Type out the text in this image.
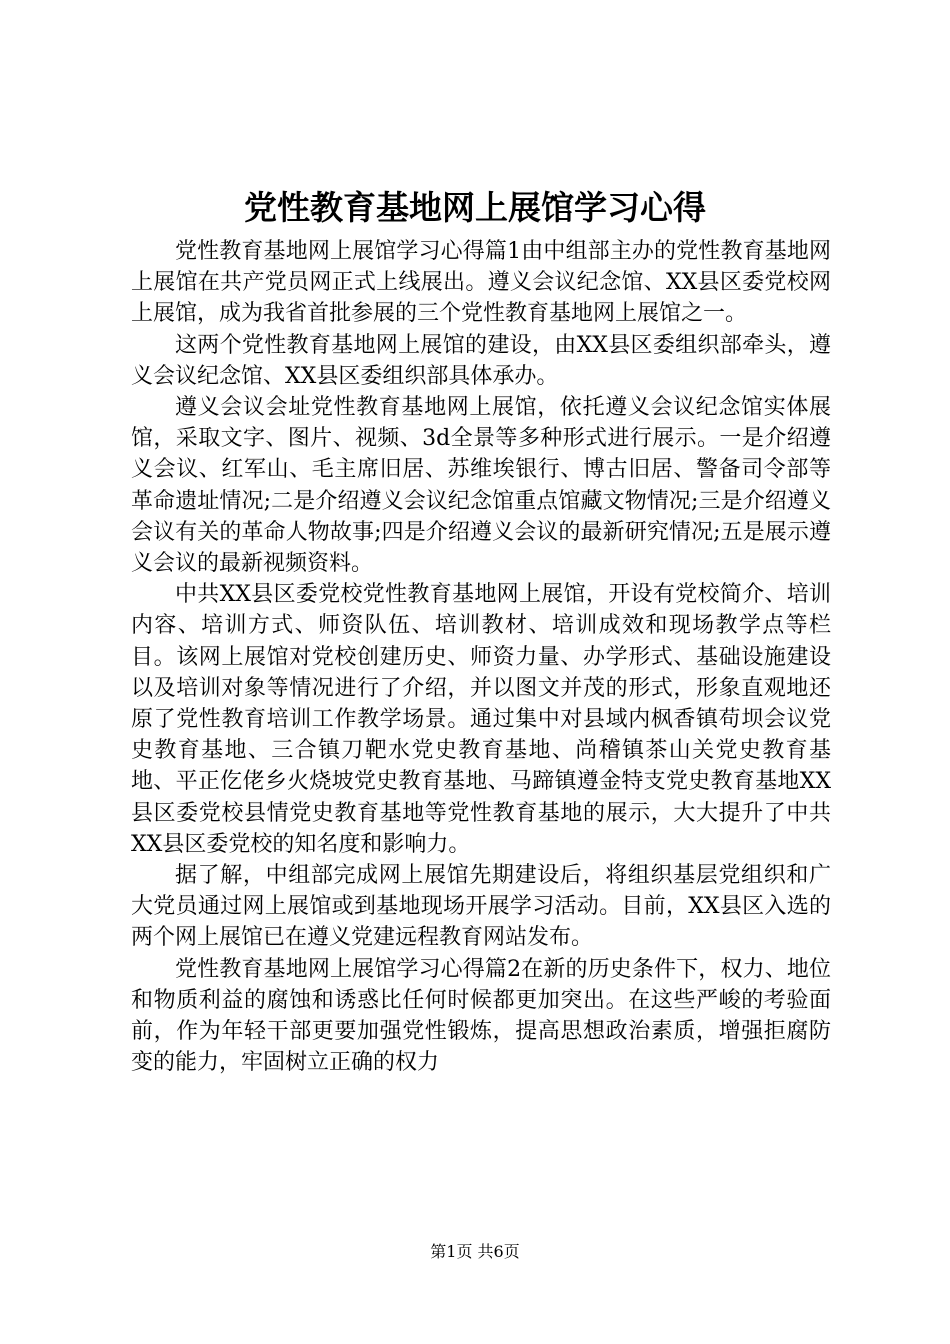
党性教育基地网上展馆学习心得

党性教育基地网上展馆学习心得篇1由中组部主办的党性教育基地网上展馆在共产党员网正式上线展出。遵义会议纪念馆、XX县区委党校网上展馆，成为我省首批参展的三个党性教育基地网上展馆之一。

这两个党性教育基地网上展馆的建设，由XX县区委组织部牵头，遵义会议纪念馆、XX县区委组织部具体承办。

遵义会议会址党性教育基地网上展馆，依托遵义会议纪念馆实体展馆，采取文字、图片、视频、3d全景等多种形式进行展示。一是介绍遵义会议、红军山、毛主席旧居、苏维埃银行、博古旧居、警备司令部等革命遗址情况;二是介绍遵义会议纪念馆重点馆藏文物情况;三是介绍遵义会议有关的革命人物故事;四是介绍遵义会议的最新研究情况;五是展示遵义会议的最新视频资料。

中共XX县区委党校党性教育基地网上展馆，开设有党校简介、培训内容、培训方式、师资队伍、培训教材、培训成效和现场教学点等栏目。该网上展馆对党校创建历史、师资力量、办学形式、基础设施建设以及培训对象等情况进行了介绍，并以图文并茂的形式，形象直观地还原了党性教育培训工作教学场景。通过集中对县域内枫香镇苟坝会议党史教育基地、三合镇刀靶水党史教育基地、尚稽镇茶山关党史教育基地、平正仡佬乡火烧坡党史教育基地、马蹄镇遵金特支党史教育基地XX县区委党校县情党史教育基地等党性教育基地的展示，大大提升了中共XX县区委党校的知名度和影响力。

据了解，中组部完成网上展馆先期建设后，将组织基层党组织和广大党员通过网上展馆或到基地现场开展学习活动。目前，XX县区入选的两个网上展馆已在遵义党建远程教育网站发布。

党性教育基地网上展馆学习心得篇2在新的历史条件下，权力、地位和物质利益的腐蚀和诱惑比任何时候都更加突出。在这些严峻的考验面前，作为年轻干部更要加强党性锻炼，提高思想政治素质，增强拒腐防变的能力，牢固树立正确的权力

第1页 共6页
